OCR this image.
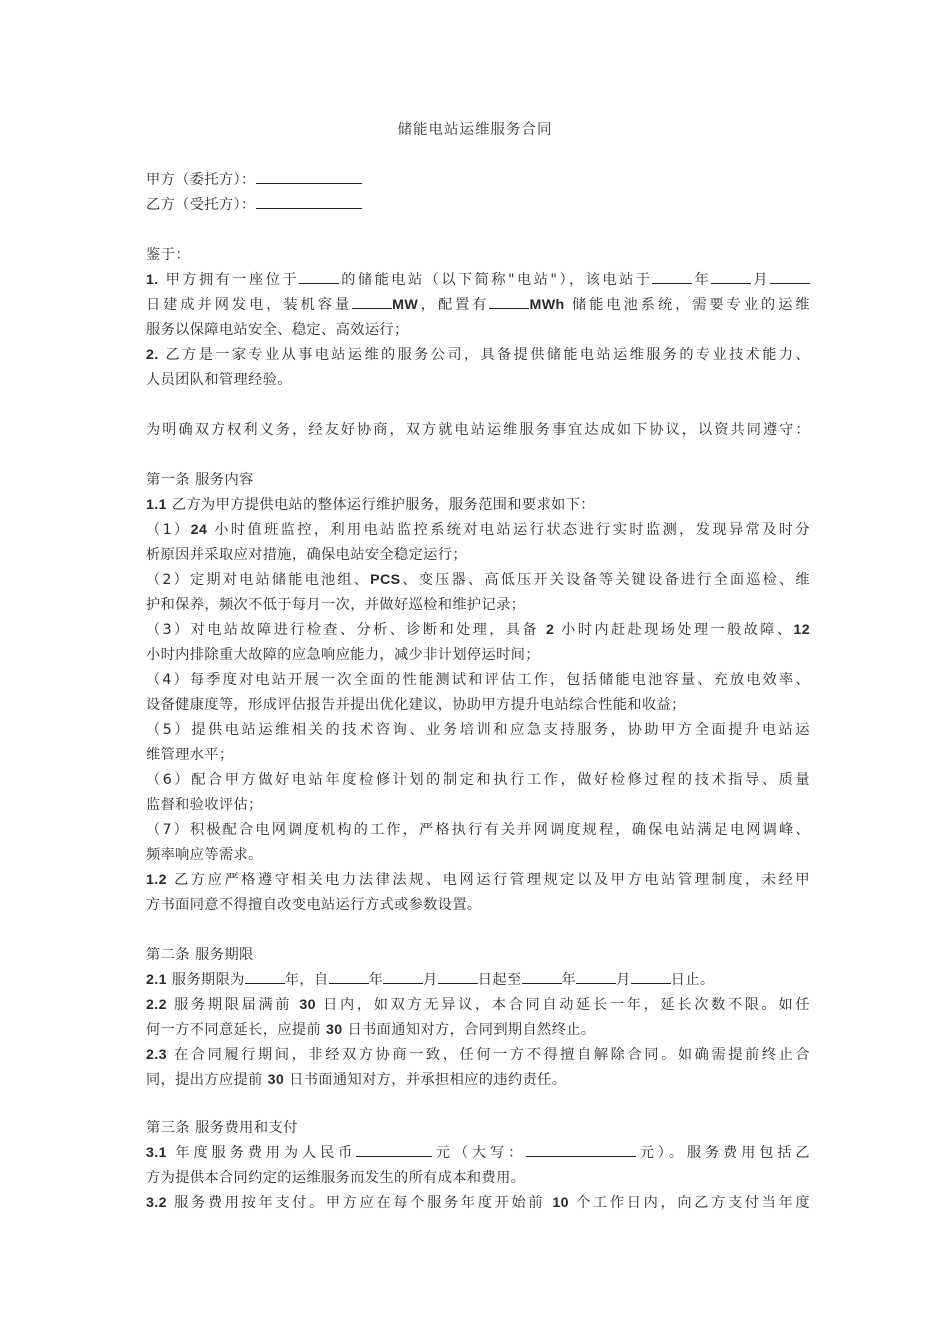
储能电站运维服务合同
甲方（委托方）：
乙方（受托方）：
鉴于：
1. 甲方拥有一座位于	的储能电站（以下简称"电站"），该电站于	年	月
日建成并网发电，装机容量	MW，配置有	MWh 储能电池系统，需要专业的运维
服务以保障电站安全、稳定、高效运行；
2. 乙方是一家专业从事电站运维的服务公司，具备提供储能电站运维服务的专业技术能力、
人员团队和管理经验。
为明确双方权利义务，经友好协商，双方就电站运维服务事宜达成如下协议，以资共同遵守：
第一条 服务内容
1.1 乙方为甲方提供电站的整体运行维护服务，服务范围和要求如下：
（1）24 小时值班监控，利用电站监控系统对电站运行状态进行实时监测，发现异常及时分
析原因并采取应对措施，确保电站安全稳定运行；
（2）定期对电站储能电池组、PCS、变压器、高低压开关设备等关键设备进行全面巡检、维
护和保养，频次不低于每月一次，并做好巡检和维护记录；
（3）对电站故障进行检查、分析、诊断和处理，具备 2 小时内赶赴现场处理一般故障、12
小时内排除重大故障的应急响应能力，减少非计划停运时间；
（4）每季度对电站开展一次全面的性能测试和评估工作，包括储能电池容量、充放电效率、
设备健康度等，形成评估报告并提出优化建议，协助甲方提升电站综合性能和收益；
（5）提供电站运维相关的技术咨询、业务培训和应急支持服务，协助甲方全面提升电站运
维管理水平；
（6）配合甲方做好电站年度检修计划的制定和执行工作，做好检修过程的技术指导、质量
监督和验收评估；
（7）积极配合电网调度机构的工作，严格执行有关并网调度规程，确保电站满足电网调峰、
频率响应等需求。
1.2 乙方应严格遵守相关电力法律法规、电网运行管理规定以及甲方电站管理制度，未经甲
方书面同意不得擅自改变电站运行方式或参数设置。
第二条 服务期限
2.1 服务期限为	年，自	年	月	日起至	年	月	日止。
2.2 服务期限届满前 30 日内，如双方无异议，本合同自动延长一年，延长次数不限。如任
何一方不同意延长，应提前 30 日书面通知对方，合同到期自然终止。
2.3 在合同履行期间，非经双方协商一致，任何一方不得擅自解除合同。如确需提前终止合
同，提出方应提前 30 日书面通知对方，并承担相应的违约责任。
第三条 服务费用和支付
3.1 年度服务费用为人民币	元（大写：	元）。服务费用包括乙
方为提供本合同约定的运维服务而发生的所有成本和费用。
3.2 服务费用按年支付。甲方应在每个服务年度开始前 10 个工作日内，向乙方支付当年度
